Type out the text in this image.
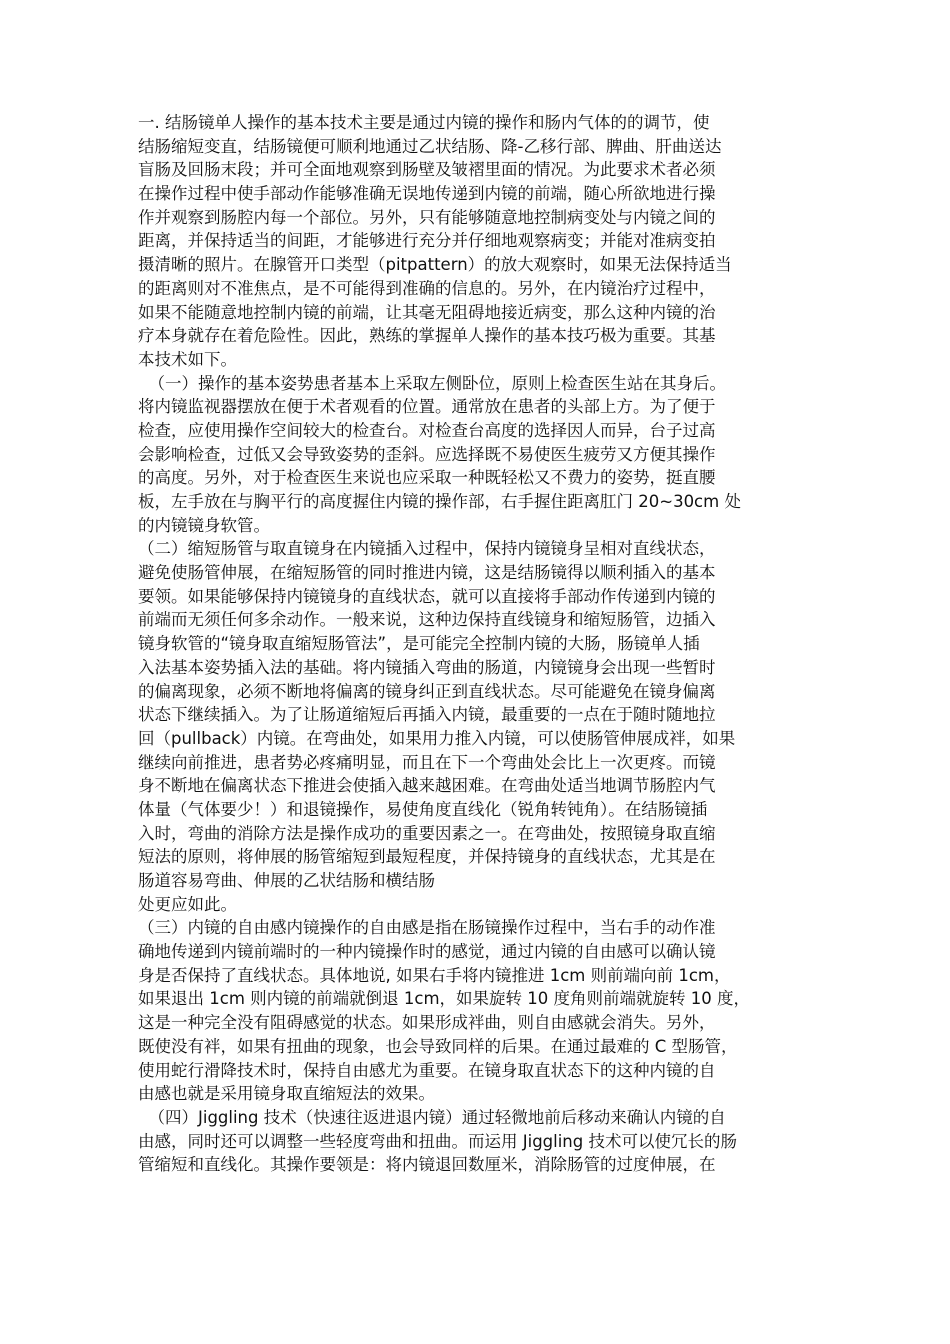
一. 结肠镜单人操作的基本技术主要是通过内镜的操作和肠内气体的的调节，使
结肠缩短变直，结肠镜便可顺利地通过乙状结肠、降-乙移行部、脾曲、肝曲送达
盲肠及回肠末段；并可全面地观察到肠壁及皱褶里面的情况。为此要求术者必须
在操作过程中使手部动作能够准确无误地传递到内镜的前端，随心所欲地进行操
作并观察到肠腔内每一个部位。另外，只有能够随意地控制病变处与内镜之间的
距离，并保持适当的间距，才能够进行充分并仔细地观察病变；并能对准病变拍
摄清晰的照片。在腺管开口类型（pitpattern）的放大观察时，如果无法保持适当
的距离则对不准焦点，是不可能得到准确的信息的。另外，在内镜治疗过程中，
如果不能随意地控制内镜的前端，让其毫无阻碍地接近病变，那么这种内镜的治
疗本身就存在着危险性。因此，熟练的掌握单人操作的基本技巧极为重要。其基
本技术如下。
（一）操作的基本姿势患者基本上采取左侧卧位，原则上检查医生站在其身后。
将内镜监视器摆放在便于术者观看的位置。通常放在患者的头部上方。为了便于
检查，应使用操作空间较大的检查台。对检查台高度的选择因人而异，台子过高
会影响检查，过低又会导致姿势的歪斜。应选择既不易使医生疲劳又方便其操作
的高度。另外，对于检查医生来说也应采取一种既轻松又不费力的姿势，挺直腰
板，左手放在与胸平行的高度握住内镜的操作部，右手握住距离肛门 20~30cm 处
的内镜镜身软管。
（二）缩短肠管与取直镜身在内镜插入过程中，保持内镜镜身呈相对直线状态，
避免使肠管伸展，在缩短肠管的同时推进内镜，这是结肠镜得以顺利插入的基本
要领。如果能够保持内镜镜身的直线状态，就可以直接将手部动作传递到内镜的
前端而无须任何多余动作。一般来说，这种边保持直线镜身和缩短肠管，边插入
镜身软管的“镜身取直缩短肠管法”，是可能完全控制内镜的大肠，肠镜单人插
入法基本姿势插入法的基础。将内镜插入弯曲的肠道，内镜镜身会出现一些暂时
的偏离现象，必须不断地将偏离的镜身纠正到直线状态。尽可能避免在镜身偏离
状态下继续插入。为了让肠道缩短后再插入内镜，最重要的一点在于随时随地拉
回（pullback）内镜。在弯曲处，如果用力推入内镜，可以使肠管伸展成袢，如果
继续向前推进，患者势必疼痛明显，而且在下一个弯曲处会比上一次更疼。而镜
身不断地在偏离状态下推进会使插入越来越困难。在弯曲处适当地调节肠腔内气
体量（气体要少！）和退镜操作，易使角度直线化（锐角转钝角）。在结肠镜插
入时，弯曲的消除方法是操作成功的重要因素之一。在弯曲处，按照镜身取直缩
短法的原则，将伸展的肠管缩短到最短程度，并保持镜身的直线状态，尤其是在
肠道容易弯曲、伸展的乙状结肠和横结肠
处更应如此。
（三）内镜的自由感内镜操作的自由感是指在肠镜操作过程中，当右手的动作准
确地传递到内镜前端时的一种内镜操作时的感觉，通过内镜的自由感可以确认镜
身是否保持了直线状态。具体地说, 如果右手将内镜推进 1cm 则前端向前 1cm，
如果退出 1cm 则内镜的前端就倒退 1cm，如果旋转 10 度角则前端就旋转 10 度，
这是一种完全没有阻碍感觉的状态。如果形成袢曲，则自由感就会消失。另外，
既使没有袢，如果有扭曲的现象，也会导致同样的后果。在通过最难的 C 型肠管，
使用蛇行滑降技术时，保持自由感尤为重要。在镜身取直状态下的这种内镜的自
由感也就是采用镜身取直缩短法的效果。
（四）Jiggling 技术（快速往返进退内镜）通过轻微地前后移动来确认内镜的自
由感，同时还可以调整一些轻度弯曲和扭曲。而运用 Jiggling 技术可以使冗长的肠
管缩短和直线化。其操作要领是：将内镜退回数厘米，消除肠管的过度伸展，在
